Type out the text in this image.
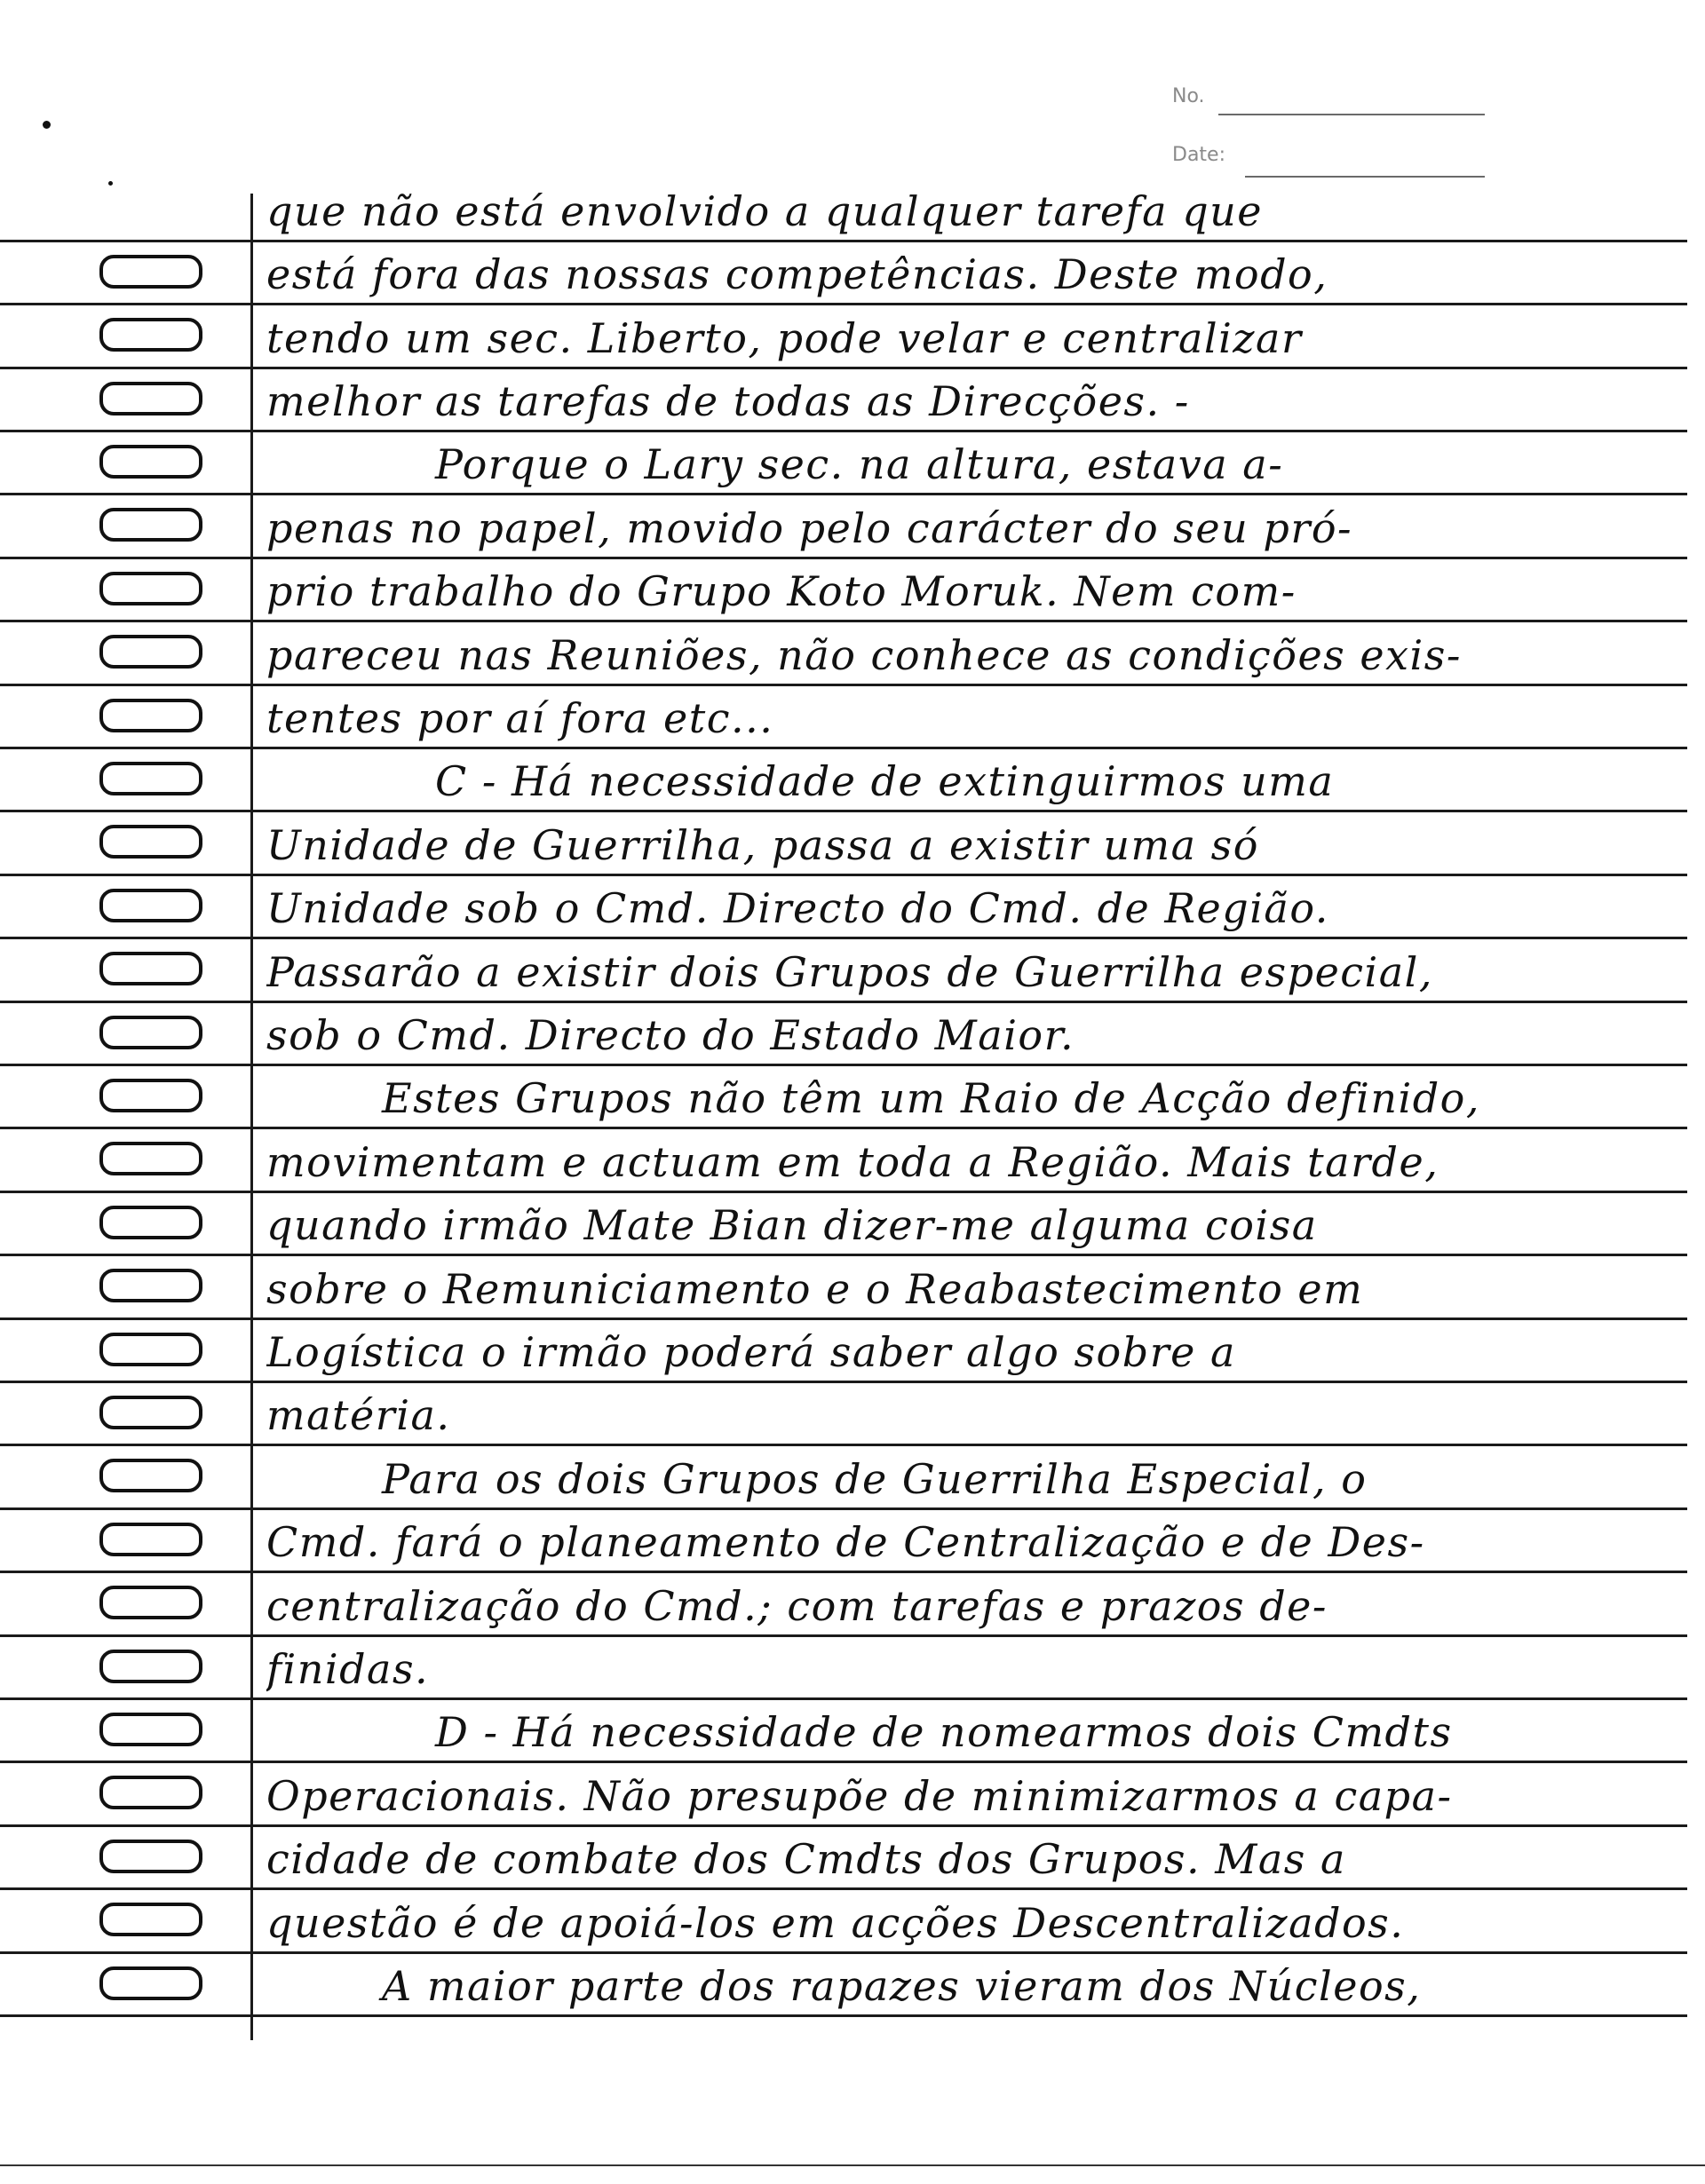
No.
Date:
que não está envolvido a qualquer tarefa que
está fora das nossas competências. Deste modo,
tendo um sec. Liberto, pode velar e centralizar
melhor as tarefas de todas as Direcções. -
Porque o Lary sec. na altura, estava a-
penas no papel, movido pelo carácter do seu pró-
prio trabalho do Grupo Koto Moruk. Nem com-
pareceu nas Reuniões, não conhece as condições exis-
tentes por aí fora etc...
C - Há necessidade de extinguirmos uma
Unidade de Guerrilha, passa a existir uma só
Unidade sob o Cmd. Directo do Cmd. de Região.
Passarão a existir dois Grupos de Guerrilha especial,
sob o Cmd. Directo do Estado Maior.
Estes Grupos não têm um Raio de Acção definido,
movimentam e actuam em toda a Região. Mais tarde,
quando irmão Mate Bian dizer-me alguma coisa
sobre o Remuniciamento e o Reabastecimento em
Logística o irmão poderá saber algo sobre a
matéria.
Para os dois Grupos de Guerrilha Especial, o
Cmd. fará o planeamento de Centralização e de Des-
centralização do Cmd.; com tarefas e prazos de-
finidas.
D - Há necessidade de nomearmos dois Cmdts
Operacionais. Não presupõe de minimizarmos a capa-
cidade de combate dos Cmdts dos Grupos. Mas a
questão é de apoiá-los em acções Descentralizados.
A maior parte dos rapazes vieram dos Núcleos,
